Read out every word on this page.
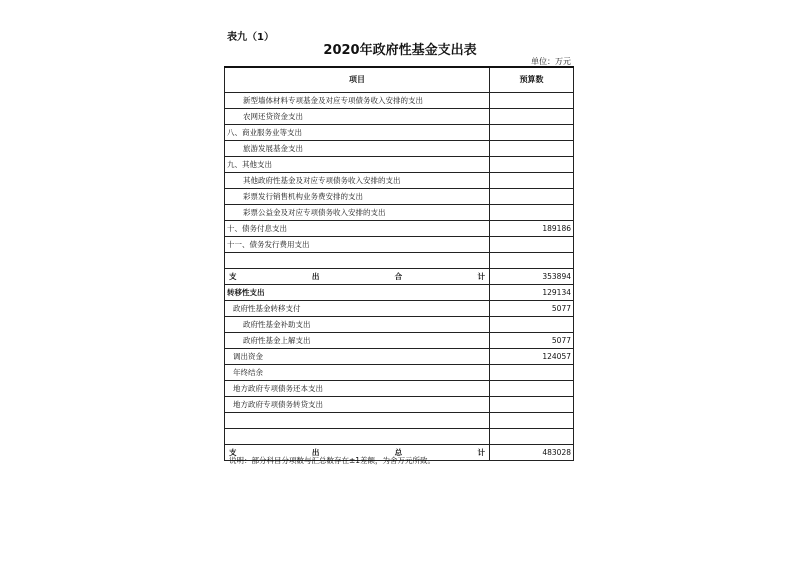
表九（1）
2020年政府性基金支出表
单位：万元
项目	预算数
新型墙体材料专项基金及对应专项债务收入安排的支出	
农网还贷资金支出	
八、商业服务业等支出	
旅游发展基金支出	
九、其他支出	
其他政府性基金及对应专项债务收入安排的支出	
彩票发行销售机构业务费安排的支出	
彩票公益金及对应专项债务收入安排的支出	
十、债务付息支出	189186
十一、债务发行费用支出	

支 出 合 计	353894
转移性支出	129134
政府性基金转移支付	5077
政府性基金补助支出	
政府性基金上解支出	5077
调出资金	124057
年终结余	
地方政府专项债务还本支出	
地方政府专项债务转贷支出	

支 出 总 计	483028
说明：部分科目分项数与汇总数存在±1差额，为舍万元所致。
